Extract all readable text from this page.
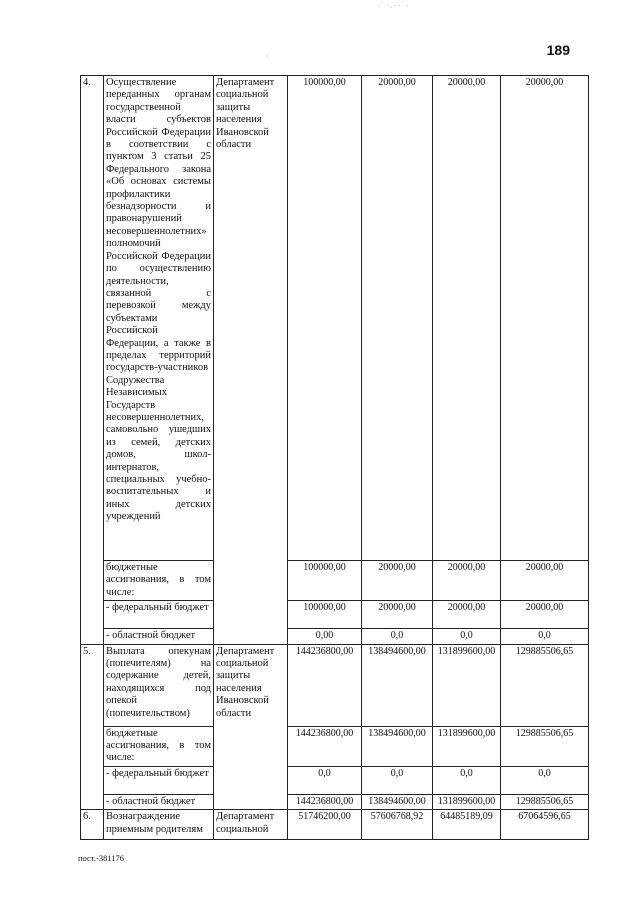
· ·.·· ·
·	189
4.	Осуществление переданных органам государственной власти субъектов Российской Федерации в соответствии с пунктом 3 статьи 25 Федерального закона «Об основах системы профилактики безнадзорности и правонарушений несовершеннолетних» полномочий Российской Федерации по осуществлению деятельности, связанной с перевозкой между субъектами Российской Федерации, а также в пределах территорий государств-участников Содружества Независимых Государств несовершеннолетних, самовольно ушедших из семей, детских домов, школ-интернатов, специальных учебно-воспитательных и иных детских учреждений	Департамент социальной защиты населения Ивановской области	100000,00	20000,00	20000,00	20000,00
	бюджетные ассигнования, в том числе:		100000,00	20000,00	20000,00	20000,00
	- федеральный бюджет		100000,00	20000,00	20000,00	20000,00
	- областной бюджет		0,00	0,0	0,0	0,0
5.	Выплата опекунам (попечителям) на содержание детей, находящихся под опекой (попечительством)	Департамент социальной защиты населения Ивановской области	144236800,00	138494600,00	131899600,00	129885506,65
	бюджетные ассигнования, в том числе:		144236800,00	138494600,00	131899600,00	129885506,65
	- федеральный бюджет		0,0	0,0	0,0	0,0
	- областной бюджет		144236800,00	138494600,00	131899600,00	129885506,65
6.	Вознаграждение приемным родителям	Департамент социальной	51746200,00	57606768,92	64485189,09	67064596,65
пост.-381176
